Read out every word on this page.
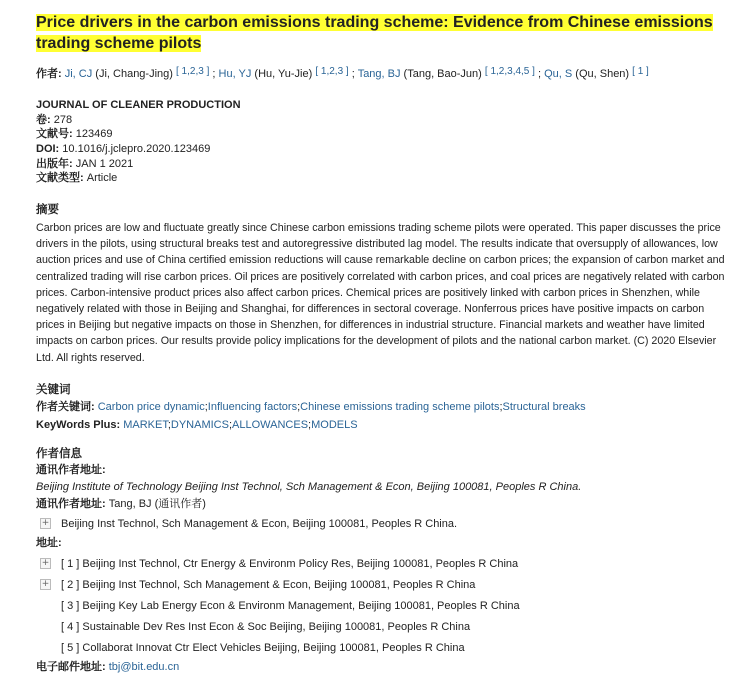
Price drivers in the carbon emissions trading scheme: Evidence from Chinese emissions trading scheme pilots
作者: Ji, CJ (Ji, Chang-Jing) [ 1,2,3 ] ; Hu, YJ (Hu, Yu-Jie) [ 1,2,3 ] ; Tang, BJ (Tang, Bao-Jun) [ 1,2,3,4,5 ] ; Qu, S (Qu, Shen) [ 1 ]
JOURNAL OF CLEANER PRODUCTION
卷: 278
文献号: 123469
DOI: 10.1016/j.jclepro.2020.123469
出版年: JAN 1 2021
文献类型: Article
摘要
Carbon prices are low and fluctuate greatly since Chinese carbon emissions trading scheme pilots were operated. This paper discusses the price drivers in the pilots, using structural breaks test and autoregressive distributed lag model. The results indicate that oversupply of allowances, low auction prices and use of China certified emission reductions will cause remarkable decline on carbon prices; the expansion of carbon market and centralized trading will rise carbon prices. Oil prices are positively correlated with carbon prices, and coal prices are negatively related with carbon prices. Carbon-intensive product prices also affect carbon prices. Chemical prices are positively linked with carbon prices in Shenzhen, while negatively related with those in Beijing and Shanghai, for differences in sectoral coverage. Nonferrous prices have positive impacts on carbon prices in Beijing but negative impacts on those in Shenzhen, for differences in industrial structure. Financial markets and weather have limited impacts on carbon prices. Our results provide policy implications for the development of pilots and the national carbon market. (C) 2020 Elsevier Ltd. All rights reserved.
关键词
作者关键词: Carbon price dynamic;Influencing factors;Chinese emissions trading scheme pilots;Structural breaks
KeyWords Plus: MARKET;DYNAMICS;ALLOWANCES;MODELS
作者信息
通讯作者地址:
Beijing Institute of Technology Beijing Inst Technol, Sch Management & Econ, Beijing 100081, Peoples R China.
通讯作者地址: Tang, BJ (通讯作者)
+ Beijing Inst Technol, Sch Management & Econ, Beijing 100081, Peoples R China.
地址:
+ [ 1 ] Beijing Inst Technol, Ctr Energy & Environm Policy Res, Beijing 100081, Peoples R China
+ [ 2 ] Beijing Inst Technol, Sch Management & Econ, Beijing 100081, Peoples R China
[ 3 ] Beijing Key Lab Energy Econ & Environm Management, Beijing 100081, Peoples R China
[ 4 ] Sustainable Dev Res Inst Econ & Soc Beijing, Beijing 100081, Peoples R China
[ 5 ] Collaborat Innovat Ctr Elect Vehicles Beijing, Beijing 100081, Peoples R China
电子邮件地址: tbj@bit.edu.cn
